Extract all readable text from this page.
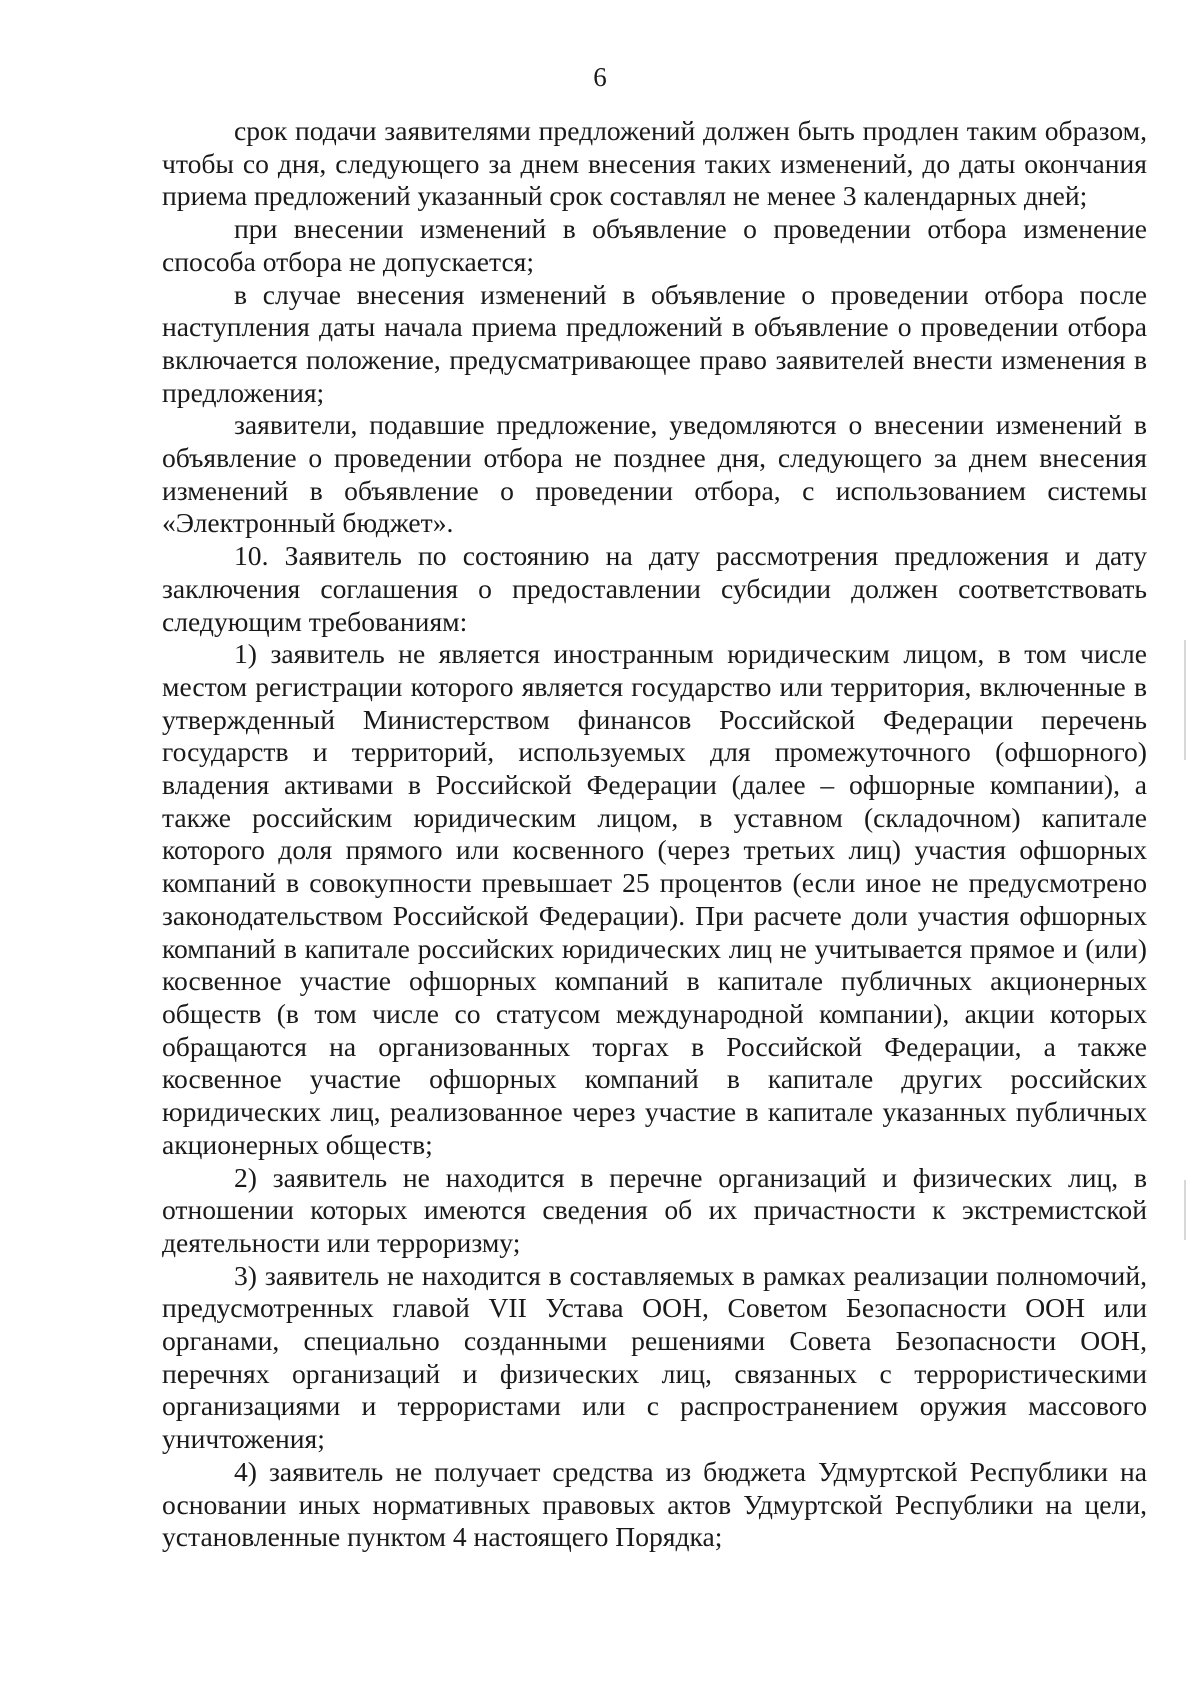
6

срок подачи заявителями предложений должен быть продлен таким образом, чтобы со дня, следующего за днем внесения таких изменений, до даты окончания приема предложений указанный срок составлял не менее 3 календарных дней;

при внесении изменений в объявление о проведении отбора изменение способа отбора не допускается;

в случае внесения изменений в объявление о проведении отбора после наступления даты начала приема предложений в объявление о проведении отбора включается положение, предусматривающее право заявителей внести изменения в предложения;

заявители, подавшие предложение, уведомляются о внесении изменений в объявление о проведении отбора не позднее дня, следующего за днем внесения изменений в объявление о проведении отбора, с использованием системы «Электронный бюджет».

10. Заявитель по состоянию на дату рассмотрения предложения и дату заключения соглашения о предоставлении субсидии должен соответствовать следующим требованиям:

1) заявитель не является иностранным юридическим лицом, в том числе местом регистрации которого является государство или территория, включенные в утвержденный Министерством финансов Российской Федерации перечень государств и территорий, используемых для промежуточного (офшорного) владения активами в Российской Федерации (далее – офшорные компании), а также российским юридическим лицом, в уставном (складочном) капитале которого доля прямого или косвенного (через третьих лиц) участия офшорных компаний в совокупности превышает 25 процентов (если иное не предусмотрено законодательством Российской Федерации). При расчете доли участия офшорных компаний в капитале российских юридических лиц не учитывается прямое и (или) косвенное участие офшорных компаний в капитале публичных акционерных обществ (в том числе со статусом международной компании), акции которых обращаются на организованных торгах в Российской Федерации, а также косвенное участие офшорных компаний в капитале других российских юридических лиц, реализованное через участие в капитале указанных публичных акционерных обществ;

2) заявитель не находится в перечне организаций и физических лиц, в отношении которых имеются сведения об их причастности к экстремистской деятельности или терроризму;

3) заявитель не находится в составляемых в рамках реализации полномочий, предусмотренных главой VII Устава ООН, Советом Безопасности ООН или органами, специально созданными решениями Совета Безопасности ООН, перечнях организаций и физических лиц, связанных с террористическими организациями и террористами или с распространением оружия массового уничтожения;

4) заявитель не получает средства из бюджета Удмуртской Республики на основании иных нормативных правовых актов Удмуртской Республики на цели, установленные пунктом 4 настоящего Порядка;
